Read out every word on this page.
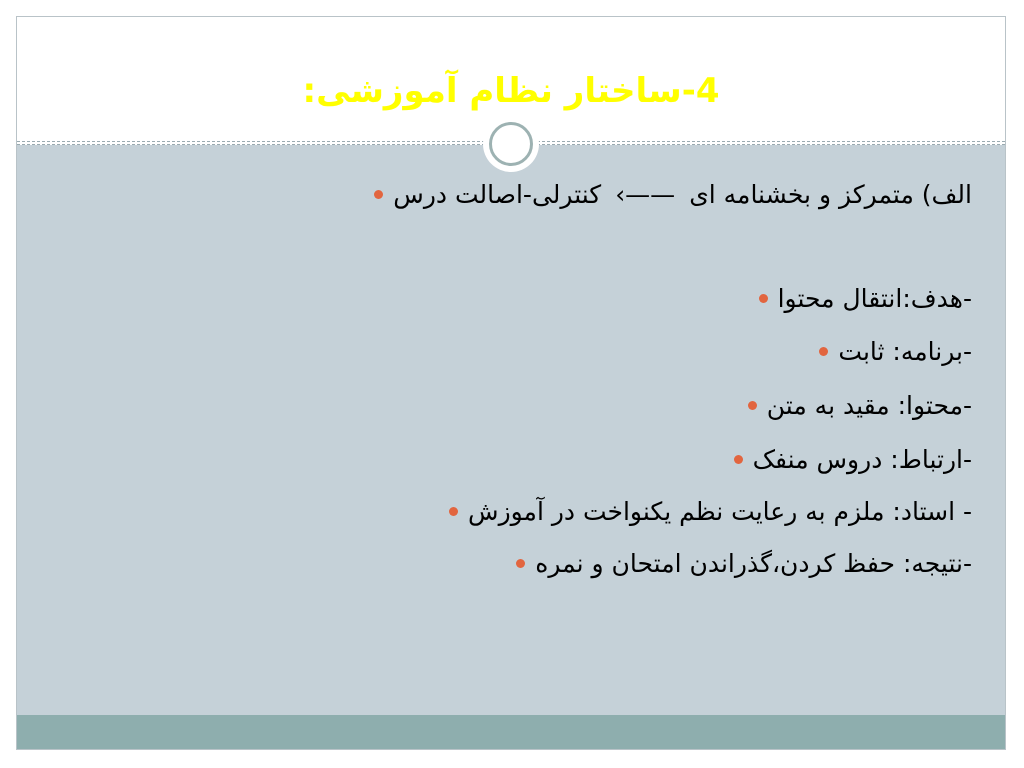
4-ساختار نظام آموزشی:
الف) متمرکز و بخشنامه ای
——›
کنترلی-اصالت درس
-هدف:انتقال محتوا
-برنامه: ثابت
-محتوا: مقید به متن
-ارتباط: دروس منفک
- استاد: ملزم به رعایت نظم یکنواخت در آموزش
-نتیجه: حفظ کردن،گذراندن امتحان و نمره
